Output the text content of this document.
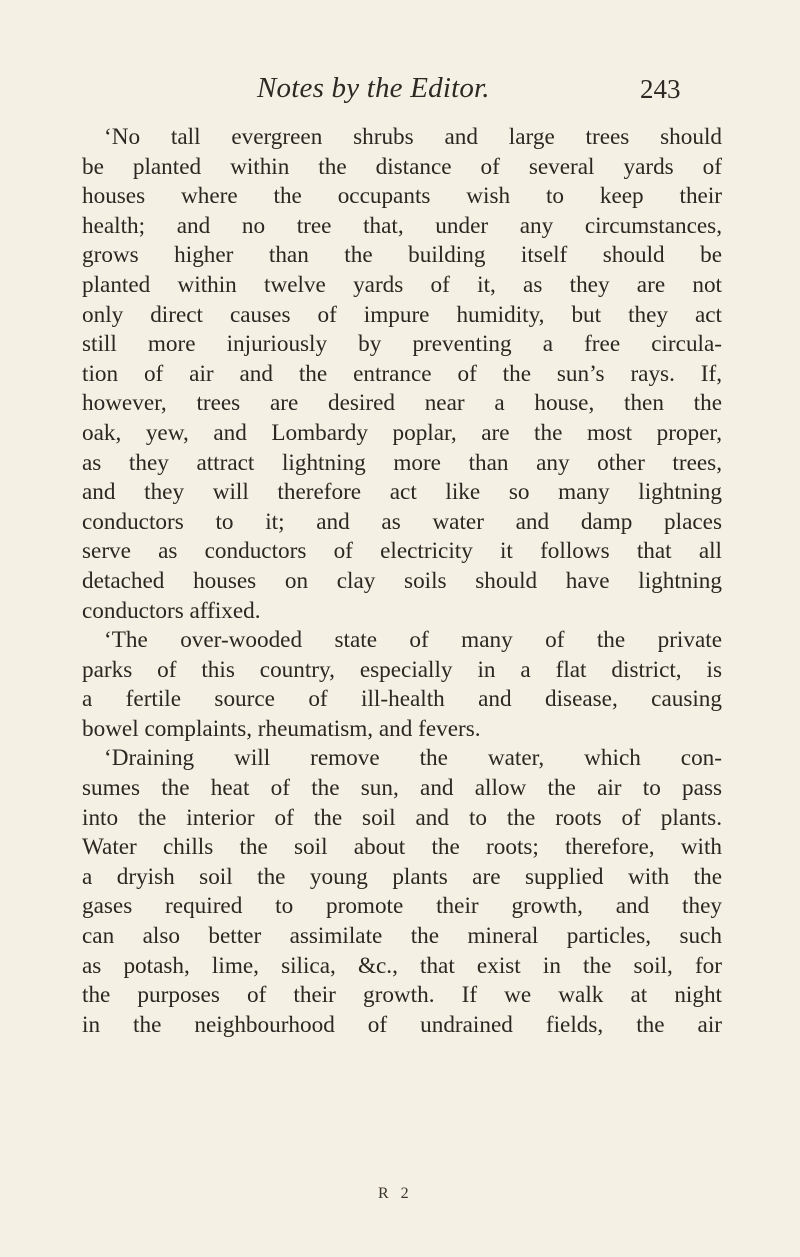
Notes by the Editor.	243
‘No tall evergreen shrubs and large trees should
be planted within the distance of several yards of
houses where the occupants wish to keep their
health; and no tree that, under any circumstances,
grows higher than the building itself should be
planted within twelve yards of it, as they are not
only direct causes of impure humidity, but they act
still more injuriously by preventing a free circula-
tion of air and the entrance of the sun’s rays. If,
however, trees are desired near a house, then the
oak, yew, and Lombardy poplar, are the most proper,
as they attract lightning more than any other trees,
and they will therefore act like so many lightning
conductors to it; and as water and damp places
serve as conductors of electricity it follows that all
detached houses on clay soils should have lightning
conductors affixed.
‘The over-wooded state of many of the private
parks of this country, especially in a flat district, is
a fertile source of ill-health and disease, causing
bowel complaints, rheumatism, and fevers.
‘Draining will remove the water, which con-
sumes the heat of the sun, and allow the air to pass
into the interior of the soil and to the roots of plants.
Water chills the soil about the roots; therefore, with
a dryish soil the young plants are supplied with the
gases required to promote their growth, and they
can also better assimilate the mineral particles, such
as potash, lime, silica, &c., that exist in the soil, for
the purposes of their growth. If we walk at night
in the neighbourhood of undrained fields, the air
R 2
